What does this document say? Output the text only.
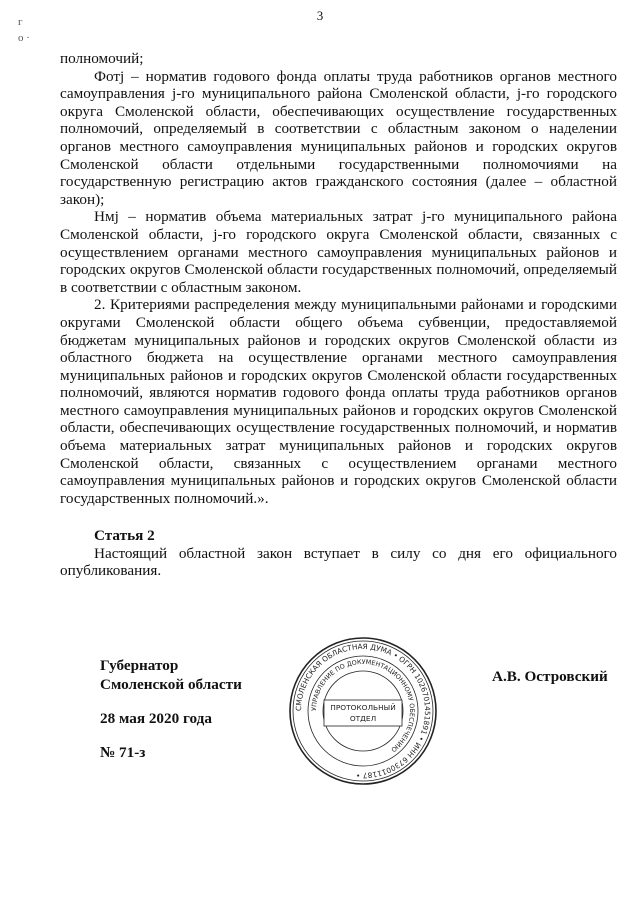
3
г
о ·

полномочий;

Фотj – норматив годового фонда оплаты труда работников органов местного самоуправления j-го муниципального района Смоленской области, j-го городского округа Смоленской области, обеспечивающих осуществление государственных полномочий, определяемый в соответствии с областным законом о наделении органов местного самоуправления муниципальных районов и городских округов Смоленской области отдельными государственными полномочиями на государственную регистрацию актов гражданского состояния (далее – областной закон);

Нмj – норматив объема материальных затрат j-го муниципального района Смоленской области, j-го городского округа Смоленской области, связанных с осуществлением органами местного самоуправления муниципальных районов и городских округов Смоленской области государственных полномочий, определяемый в соответствии с областным законом.

2. Критериями распределения между муниципальными районами и городскими округами Смоленской области общего объема субвенции, предоставляемой бюджетам муниципальных районов и городских округов Смоленской области из областного бюджета на осуществление органами местного самоуправления муниципальных районов и городских округов Смоленской области государственных полномочий, являются норматив годового фонда оплаты труда работников органов местного самоуправления муниципальных районов и городских округов Смоленской области, обеспечивающих осуществление государственных полномочий, и норматив объема материальных затрат муниципальных районов и городских округов Смоленской области, связанных с осуществлением органами местного самоуправления муниципальных районов и городских округов Смоленской области государственных полномочий.».

Статья 2

Настоящий областной закон вступает в силу со дня его официального опубликования.

Губернатор
Смоленской области
28 мая 2020 года
№ 71-з
А.В. Островский
СМОЛЕНСКАЯ ОБЛАСТНАЯ ДУМА • ОГРН 1026701451891 • ИНН 6730011187 •
УПРАВЛЕНИЕ ПО ДОКУМЕНТАЦИОННОМУ ОБЕСПЕЧЕНИЮ
ПРОТОКОЛЬНЫЙ
ОТДЕЛ
